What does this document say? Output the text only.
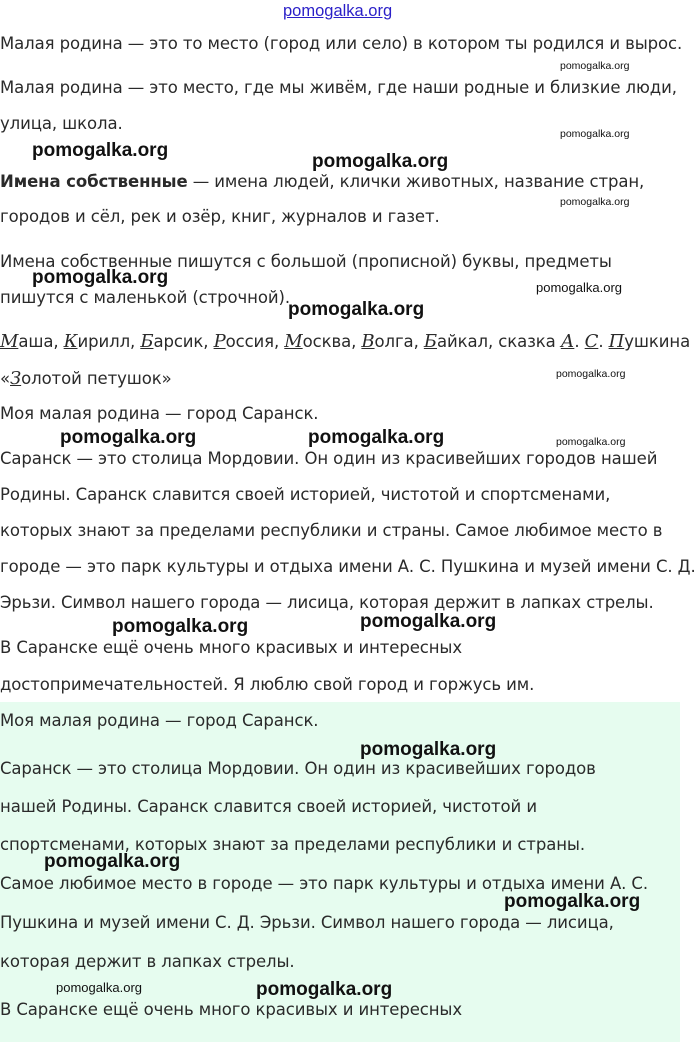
Малая родина — это то место (город или село) в котором ты родился и вырос.

Малая родина — это место, где мы живём, где наши родные и близкие люди,

улица, школа.

Имена собственные — имена людей, клички животных, название стран,

городов и сёл, рек и озёр, книг, журналов и газет.

Имена собственные пишутся с большой (прописной) буквы, предметы

пишутся с маленькой (строчной).

Маша, Кирилл, Барсик, Россия, Москва, Волга, Байкал, сказка А. С. Пушкина

«Золотой петушок»

Моя малая родина — город Саранск.

Саранск — это столица Мордовии. Он один из красивейших городов нашей

Родины. Саранск славится своей историей, чистотой и спортсменами,

которых знают за пределами республики и страны. Самое любимое место в

городе — это парк культуры и отдыха имени А. С. Пушкина и музей имени С. Д.

Эрьзи. Символ нашего города — лисица, которая держит в лапках стрелы.

В Саранске ещё очень много красивых и интересных

достопримечательностей. Я люблю свой город и горжусь им.

Моя малая родина — город Саранск.

Саранск — это столица Мордовии. Он один из красивейших городов

нашей Родины. Саранск славится своей историей, чистотой и

спортсменами, которых знают за пределами республики и страны.

Самое любимое место в городе — это парк культуры и отдыха имени А. С.

Пушкина и музей имени С. Д. Эрьзи. Символ нашего города — лисица,

которая держит в лапках стрелы.

В Саранске ещё очень много красивых и интересных

pomogalka.org
pomogalka.org
pomogalka.org
pomogalka.org
pomogalka.org
pomogalka.org
pomogalka.org	pomogalka.org
pomogalka.org
pomogalka.org
pomogalka.org	pomogalka.org	pomogalka.org
pomogalka.org	pomogalka.org
pomogalka.org
pomogalka.org
pomogalka.org
pomogalka.org	pomogalka.org
